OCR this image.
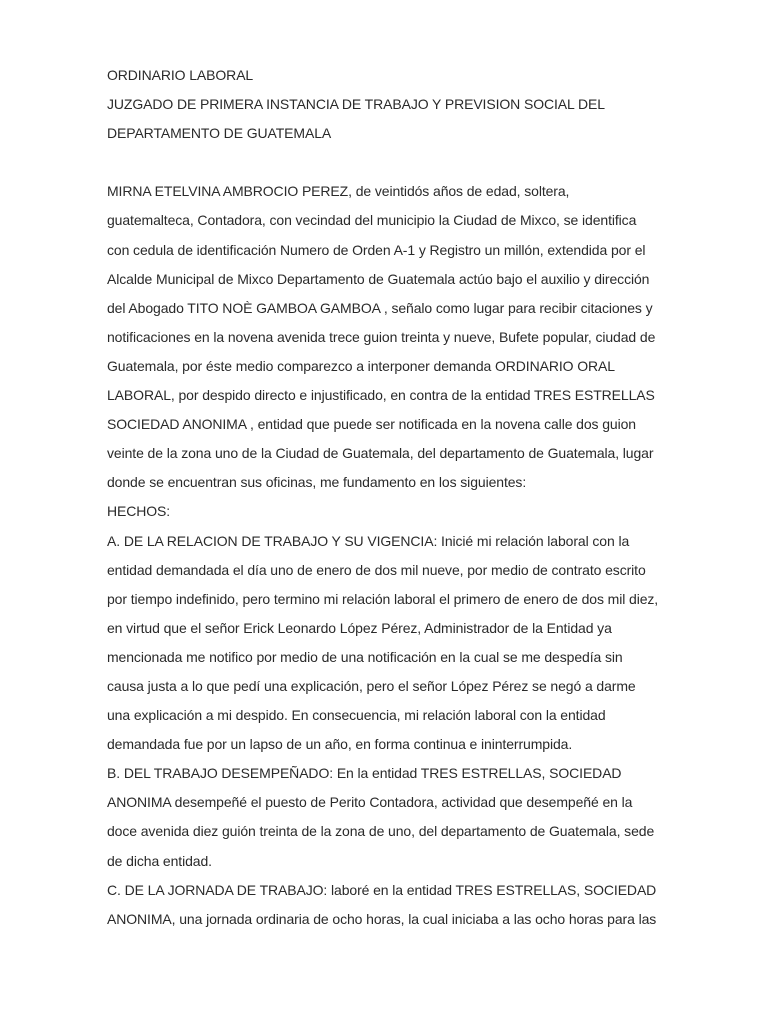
ORDINARIO LABORAL
JUZGADO DE PRIMERA INSTANCIA DE TRABAJO Y PREVISION SOCIAL DEL
DEPARTAMENTO DE GUATEMALA
MIRNA ETELVINA AMBROCIO PEREZ, de veintidós años de edad, soltera,
guatemalteca, Contadora, con vecindad del municipio la Ciudad de Mixco, se identifica
con cedula de identificación Numero de Orden A-1 y Registro un millón, extendida por el
Alcalde Municipal de Mixco Departamento de Guatemala actúo bajo el auxilio y dirección
del Abogado TITO NOÈ GAMBOA GAMBOA , señalo como lugar para recibir citaciones y
notificaciones en la novena avenida trece guion treinta y nueve, Bufete popular, ciudad de
Guatemala, por éste medio comparezco a interponer demanda ORDINARIO ORAL
LABORAL, por despido directo e injustificado, en contra de la entidad TRES ESTRELLAS
SOCIEDAD ANONIMA , entidad que puede ser notificada en la novena calle dos guion
veinte de la zona uno de la Ciudad de Guatemala, del departamento de Guatemala, lugar
donde se encuentran sus oficinas, me fundamento en los siguientes:
HECHOS:
A. DE LA RELACION DE TRABAJO Y SU VIGENCIA: Inicié mi relación laboral con la
entidad demandada el día uno de enero de dos mil nueve, por medio de contrato escrito
por tiempo indefinido, pero termino mi relación laboral el primero de enero de dos mil diez,
en virtud que el señor Erick Leonardo López Pérez, Administrador de la Entidad ya
mencionada me notifico por medio de una notificación en la cual se me despedía sin
causa justa a lo que pedí una explicación, pero el señor López Pérez se negó a darme
una explicación a mi despido. En consecuencia, mi relación laboral con la entidad
demandada fue por un lapso de un año, en forma continua e ininterrumpida.
B. DEL TRABAJO DESEMPEÑADO: En la entidad TRES ESTRELLAS, SOCIEDAD
ANONIMA desempeñé el puesto de Perito Contadora, actividad que desempeñé en la
doce avenida diez guión treinta de la zona de uno, del departamento de Guatemala, sede
de dicha entidad.
C. DE LA JORNADA DE TRABAJO: laboré en la entidad TRES ESTRELLAS, SOCIEDAD
ANONIMA, una jornada ordinaria de ocho horas, la cual iniciaba a las ocho horas para las
